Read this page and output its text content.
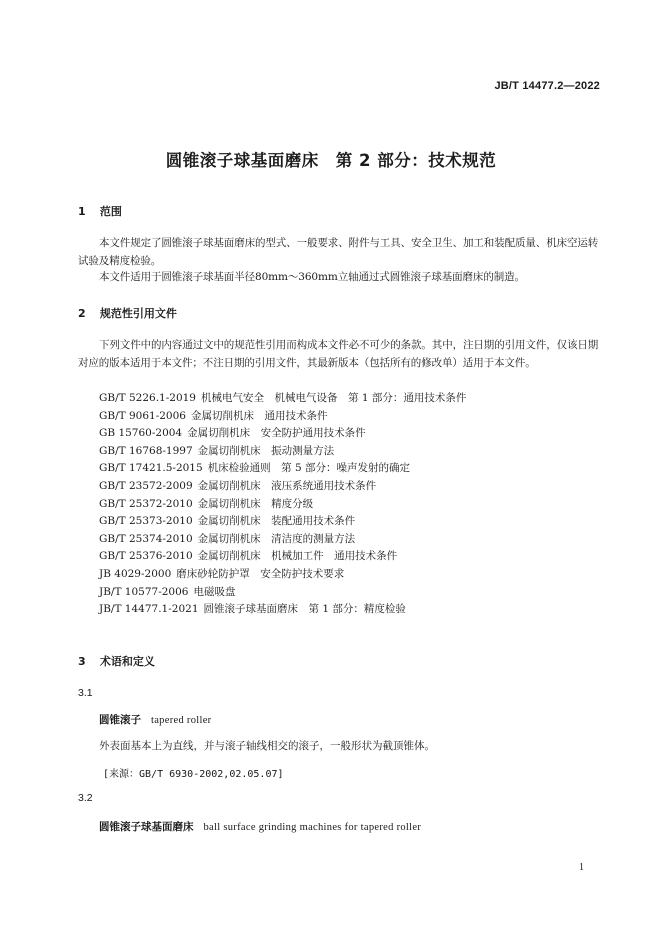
JB/T 14477.2—2022
圆锥滚子球基面磨床　第 2 部分：技术规范
1 范围
本文件规定了圆锥滚子球基面磨床的型式、一般要求、附件与工具、安全卫生、加工和装配质量、机床空运转试验及精度检验。
本文件适用于圆锥滚子球基面半径80mm～360mm立轴通过式圆锥滚子球基面磨床的制造。
2 规范性引用文件
下列文件中的内容通过文中的规范性引用而构成本文件必不可少的条款。其中，注日期的引用文件，仅该日期对应的版本适用于本文件；不注日期的引用文件，其最新版本（包括所有的修改单）适用于本文件。
GB/T 5226.1-2019 机械电气安全　机械电气设备　第 1 部分：通用技术条件
GB/T 9061-2006 金属切削机床　通用技术条件
GB 15760-2004 金属切削机床　安全防护通用技术条件
GB/T 16768-1997 金属切削机床　振动测量方法
GB/T 17421.5-2015 机床检验通则　第 5 部分：噪声发射的确定
GB/T 23572-2009 金属切削机床　液压系统通用技术条件
GB/T 25372-2010 金属切削机床　精度分级
GB/T 25373-2010 金属切削机床　装配通用技术条件
GB/T 25374-2010 金属切削机床　清洁度的测量方法
GB/T 25376-2010 金属切削机床　机械加工件　通用技术条件
JB 4029-2000 磨床砂轮防护罩　安全防护技术要求
JB/T 10577-2006 电磁吸盘
JB/T 14477.1-2021 圆锥滚子球基面磨床　第 1 部分：精度检验
3 术语和定义
3.1
圆锥滚子 tapered roller
外表面基本上为直线，并与滚子轴线相交的滚子，一般形状为截顶锥体。
[来源：GB/T 6930-2002,02.05.07]
3.2
圆锥滚子球基面磨床 ball surface grinding machines for tapered roller
1
